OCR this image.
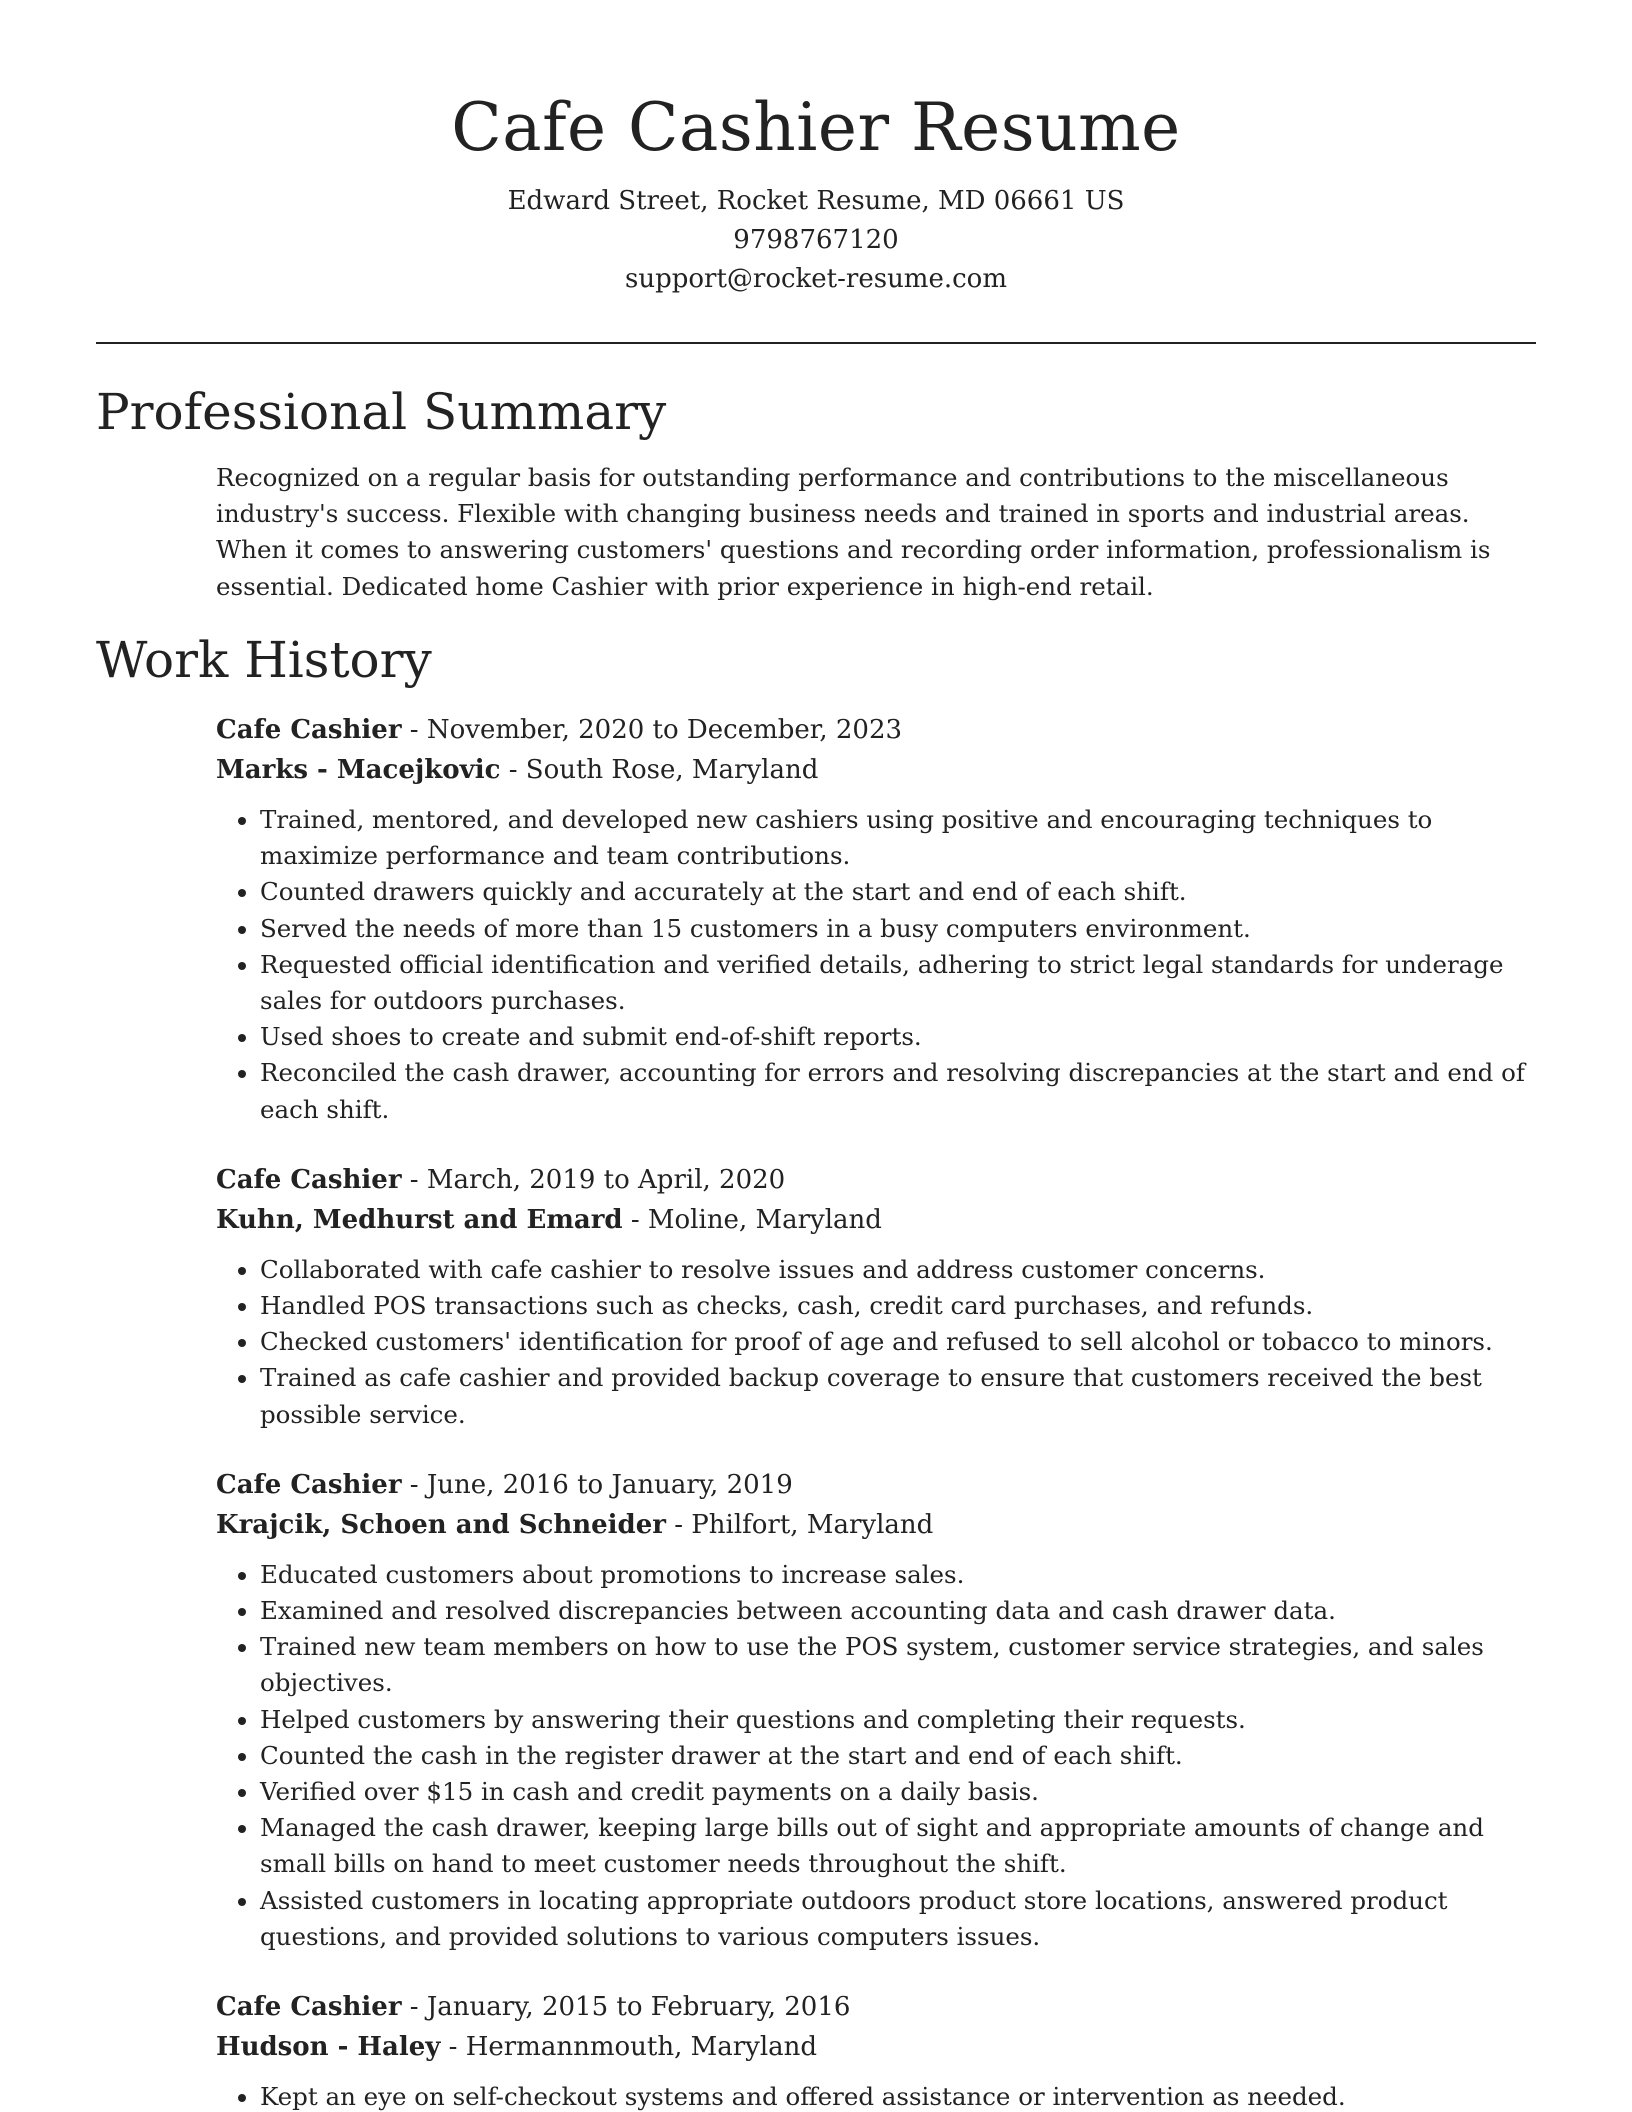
Cafe Cashier Resume

Edward Street, Rocket Resume, MD 06661 US

9798767120

support@rocket-resume.com

Professional Summary

Recognized on a regular basis for outstanding performance and contributions to the miscellaneous industry's success. Flexible with changing business needs and trained in sports and industrial areas. When it comes to answering customers' questions and recording order information, professionalism is essential. Dedicated home Cashier with prior experience in high-end retail.

Work History

Cafe Cashier - November, 2020 to December, 2023

Marks - Macejkovic - South Rose, Maryland

• Trained, mentored, and developed new cashiers using positive and encouraging techniques to maximize performance and team contributions.
• Counted drawers quickly and accurately at the start and end of each shift.
• Served the needs of more than 15 customers in a busy computers environment.
• Requested official identification and verified details, adhering to strict legal standards for underage sales for outdoors purchases.
• Used shoes to create and submit end-of-shift reports.
• Reconciled the cash drawer, accounting for errors and resolving discrepancies at the start and end of each shift.

Cafe Cashier - March, 2019 to April, 2020

Kuhn, Medhurst and Emard - Moline, Maryland

• Collaborated with cafe cashier to resolve issues and address customer concerns.
• Handled POS transactions such as checks, cash, credit card purchases, and refunds.
• Checked customers' identification for proof of age and refused to sell alcohol or tobacco to minors.
• Trained as cafe cashier and provided backup coverage to ensure that customers received the best possible service.

Cafe Cashier - June, 2016 to January, 2019

Krajcik, Schoen and Schneider - Philfort, Maryland

• Educated customers about promotions to increase sales.
• Examined and resolved discrepancies between accounting data and cash drawer data.
• Trained new team members on how to use the POS system, customer service strategies, and sales objectives.
• Helped customers by answering their questions and completing their requests.
• Counted the cash in the register drawer at the start and end of each shift.
• Verified over $15 in cash and credit payments on a daily basis.
• Managed the cash drawer, keeping large bills out of sight and appropriate amounts of change and small bills on hand to meet customer needs throughout the shift.
• Assisted customers in locating appropriate outdoors product store locations, answered product questions, and provided solutions to various computers issues.

Cafe Cashier - January, 2015 to February, 2016

Hudson - Haley - Hermannmouth, Maryland

• Kept an eye on self-checkout systems and offered assistance or intervention as needed.
